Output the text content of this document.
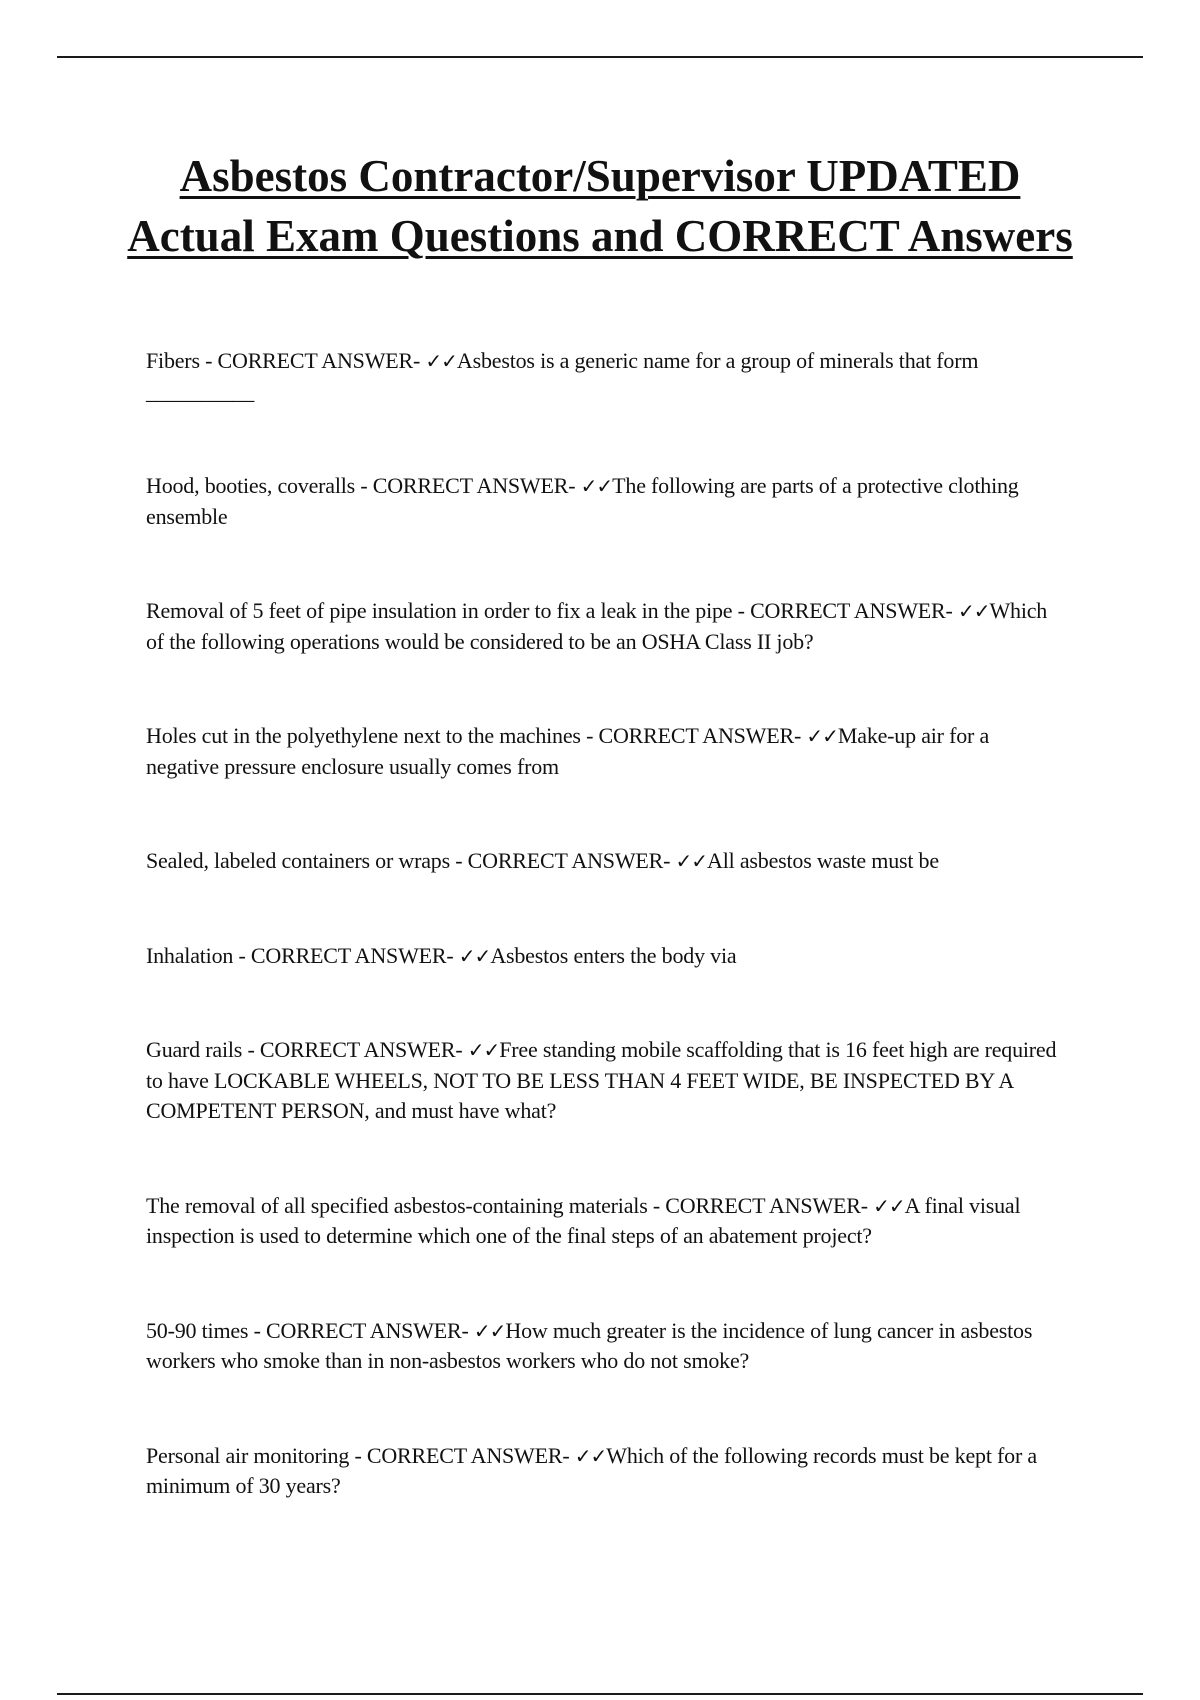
Asbestos Contractor/Supervisor UPDATED Actual Exam Questions and CORRECT Answers
Fibers - CORRECT ANSWER- ✓✓Asbestos is a generic name for a group of minerals that form __________
Hood, booties, coveralls - CORRECT ANSWER- ✓✓The following are parts of a protective clothing ensemble
Removal of 5 feet of pipe insulation in order to fix a leak in the pipe - CORRECT ANSWER- ✓✓Which of the following operations would be considered to be an OSHA Class II job?
Holes cut in the polyethylene next to the machines - CORRECT ANSWER- ✓✓Make-up air for a negative pressure enclosure usually comes from
Sealed, labeled containers or wraps - CORRECT ANSWER- ✓✓All asbestos waste must be
Inhalation - CORRECT ANSWER- ✓✓Asbestos enters the body via
Guard rails - CORRECT ANSWER- ✓✓Free standing mobile scaffolding that is 16 feet high are required to have LOCKABLE WHEELS, NOT TO BE LESS THAN 4 FEET WIDE, BE INSPECTED BY A COMPETENT PERSON, and must have what?
The removal of all specified asbestos-containing materials - CORRECT ANSWER- ✓✓A final visual inspection is used to determine which one of the final steps of an abatement project?
50-90 times - CORRECT ANSWER- ✓✓How much greater is the incidence of lung cancer in asbestos workers who smoke than in non-asbestos workers who do not smoke?
Personal air monitoring - CORRECT ANSWER- ✓✓Which of the following records must be kept for a minimum of 30 years?
